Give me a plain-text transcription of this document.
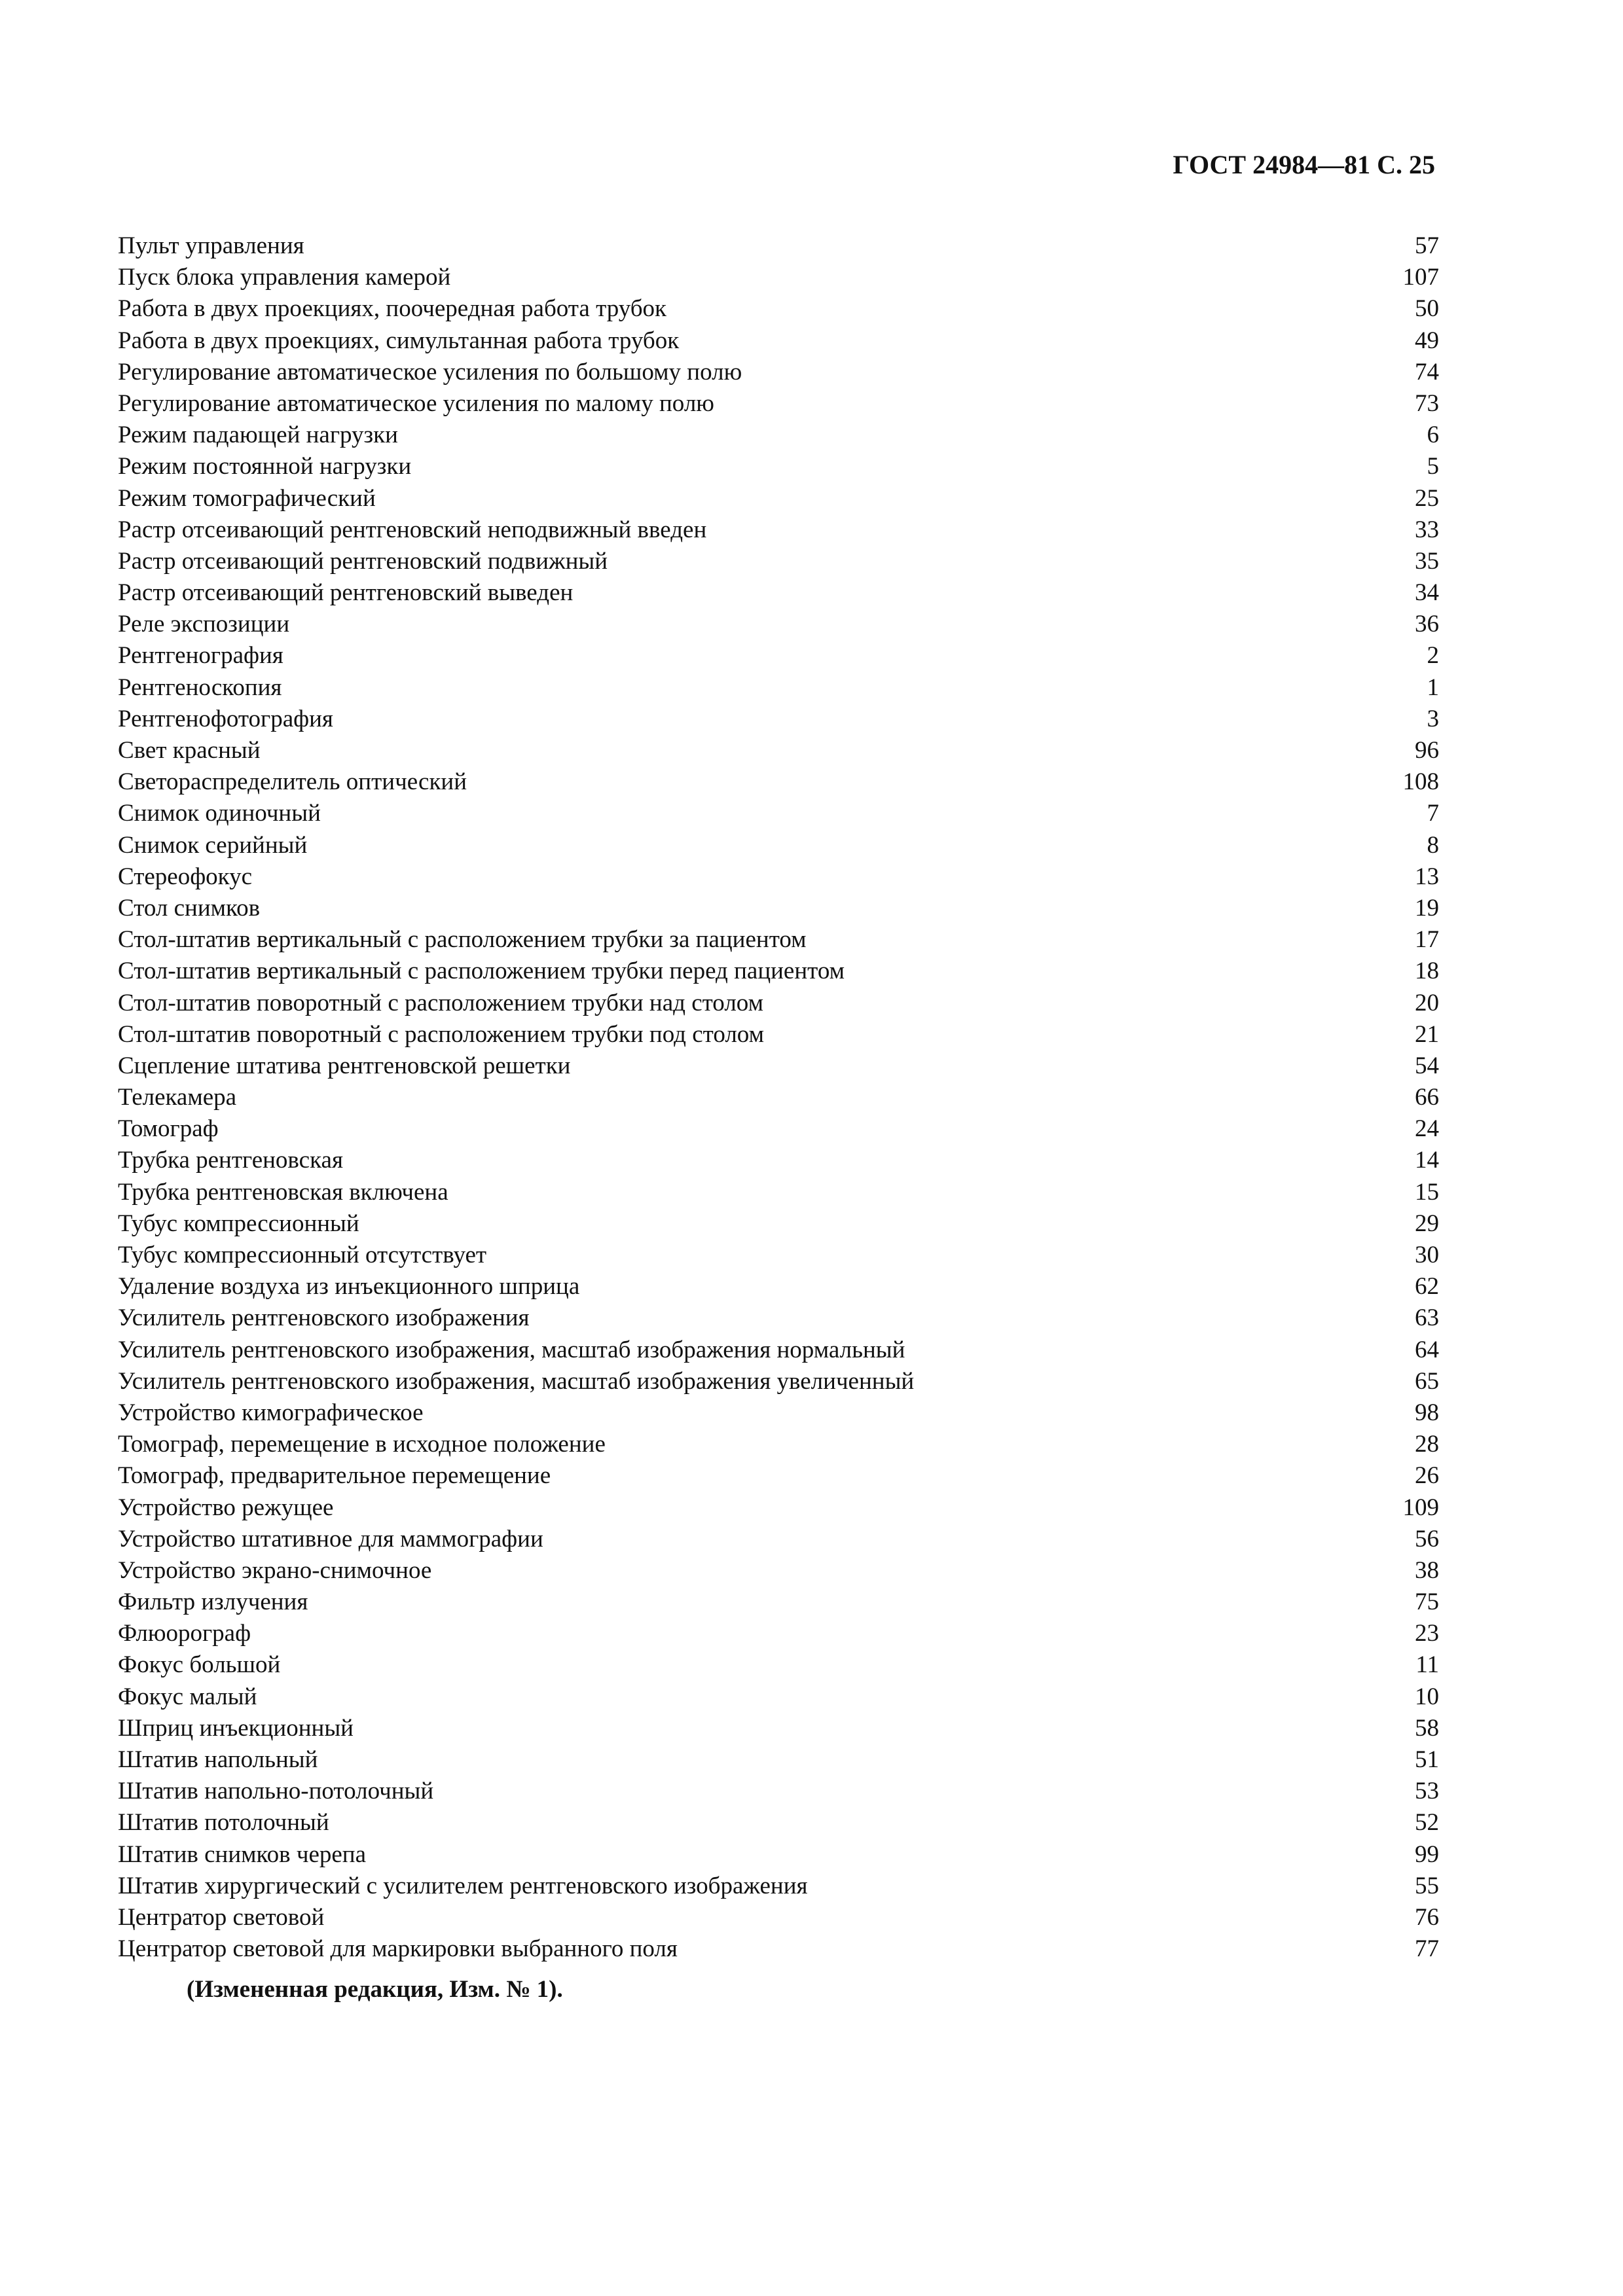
ГОСТ 24984—81 С. 25
Пульт управления	57
Пуск блока управления камерой	107
Работа в двух проекциях, поочередная работа трубок	50
Работа в двух проекциях, симультанная работа трубок	49
Регулирование автоматическое усиления по большому полю	74
Регулирование автоматическое усиления по малому полю	73
Режим падающей нагрузки	6
Режим постоянной нагрузки	5
Режим томографический	25
Растр отсеивающий рентгеновский неподвижный введен	33
Растр отсеивающий рентгеновский подвижный	35
Растр отсеивающий рентгеновский выведен	34
Реле экспозиции	36
Рентгенография	2
Рентгеноскопия	1
Рентгенофотография	3
Свет красный	96
Светораспределитель оптический	108
Снимок одиночный	7
Снимок серийный	8
Стереофокус	13
Стол снимков	19
Стол-штатив вертикальный с расположением трубки за пациентом	17
Стол-штатив вертикальный с расположением трубки перед пациентом	18
Стол-штатив поворотный с расположением трубки над столом	20
Стол-штатив поворотный с расположением трубки под столом	21
Сцепление штатива рентгеновской решетки	54
Телекамера	66
Томограф	24
Трубка рентгеновская	14
Трубка рентгеновская включена	15
Тубус компрессионный	29
Тубус компрессионный отсутствует	30
Удаление воздуха из инъекционного шприца	62
Усилитель рентгеновского изображения	63
Усилитель рентгеновского изображения, масштаб изображения нормальный	64
Усилитель рентгеновского изображения, масштаб изображения увеличенный	65
Устройство кимографическое	98
Томограф, перемещение в исходное положение	28
Томограф, предварительное перемещение	26
Устройство режущее	109
Устройство штативное для маммографии	56
Устройство экрано-снимочное	38
Фильтр излучения	75
Флюорограф	23
Фокус большой	11
Фокус малый	10
Шприц инъекционный	58
Штатив напольный	51
Штатив напольно-потолочный	53
Штатив потолочный	52
Штатив снимков черепа	99
Штатив хирургический с усилителем рентгеновского изображения	55
Центратор световой	76
Центратор световой для маркировки выбранного поля	77
(Измененная редакция, Изм. № 1).
